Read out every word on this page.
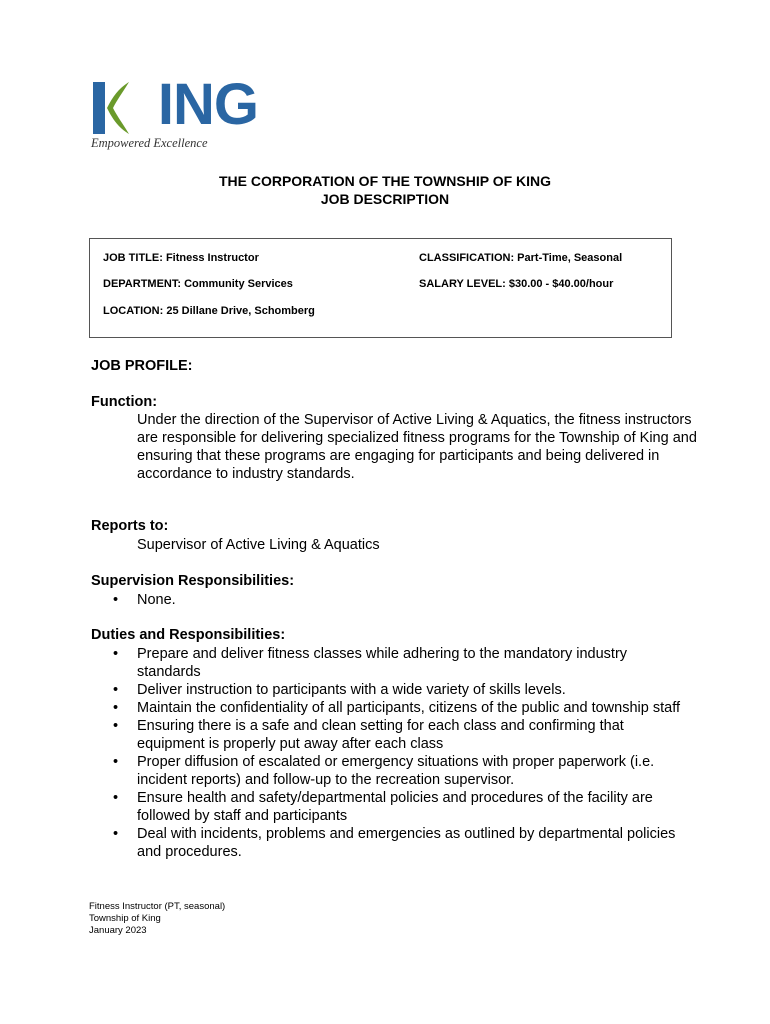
ING
Empowered Excellence
THE CORPORATION OF THE TOWNSHIP OF KING
JOB DESCRIPTION
JOB TITLE: Fitness Instructor	CLASSIFICATION: Part-Time, Seasonal
DEPARTMENT: Community Services	SALARY LEVEL: $30.00 - $40.00/hour
LOCATION: 25 Dillane Drive, Schomberg
JOB PROFILE:
Function:

Under the direction of the Supervisor of Active Living & Aquatics, the fitness instructors are responsible for delivering specialized fitness programs for the Township of King and ensuring that these programs are engaging for participants and being delivered in accordance to industry standards.

Reports to:

Supervisor of Active Living & Aquatics

Supervision Responsibilities:
• None.
Duties and Responsibilities:
• Prepare and deliver fitness classes while adhering to the mandatory industry standards
• Deliver instruction to participants with a wide variety of skills levels.
• Maintain the confidentiality of all participants, citizens of the public and township staff
• Ensuring there is a safe and clean setting for each class and confirming that equipment is properly put away after each class
• Proper diffusion of escalated or emergency situations with proper paperwork (i.e. incident reports) and follow-up to the recreation supervisor.
• Ensure health and safety/departmental policies and procedures of the facility are followed by staff and participants
• Deal with incidents, problems and emergencies as outlined by departmental policies and procedures.
Fitness Instructor (PT, seasonal)
Township of King
January 2023
